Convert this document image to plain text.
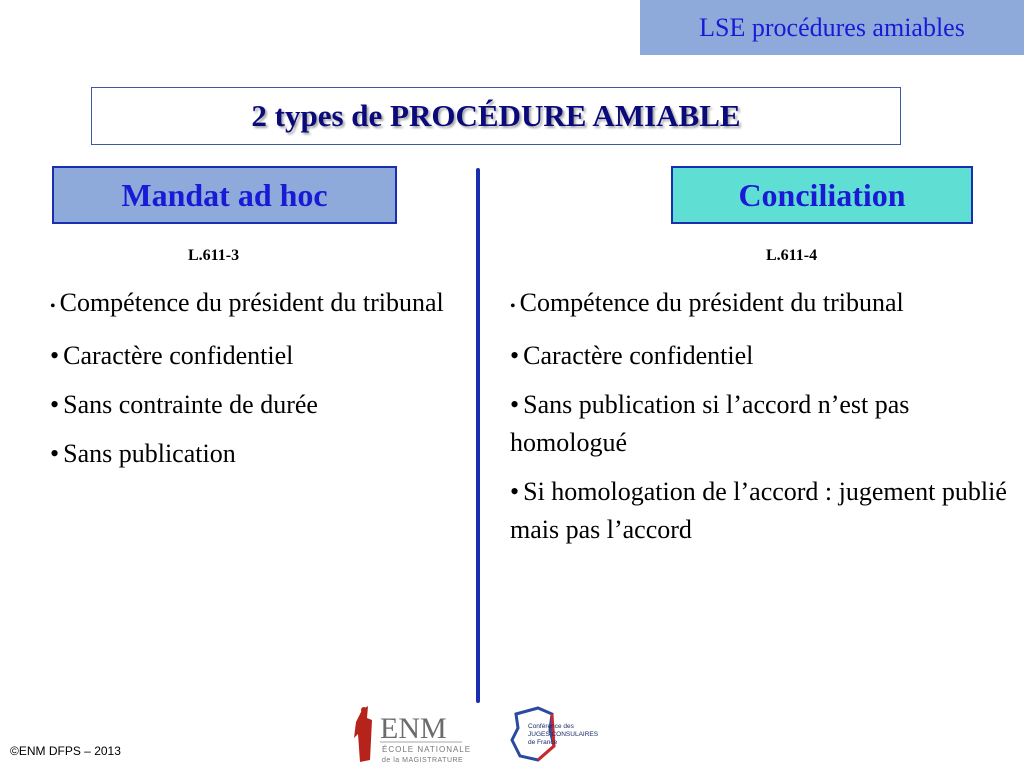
LSE procédures amiables
2 types de PROCÉDURE AMIABLE
Mandat ad hoc	Conciliation
L.611-3	L.611-4
• Compétence du président du tribunal
• Caractère confidentiel
• Sans contrainte de durée
• Sans publication
• Compétence du président du tribunal
• Caractère confidentiel
• Sans publication si l’accord n’est pas homologué
• Si homologation de l’accord : jugement publié mais pas l’accord
©ENM DFPS – 2013
ENM
ÉCOLE NATIONALE
de la MAGISTRATURE
Conférence des
JUGES CONSULAIRES
de France
